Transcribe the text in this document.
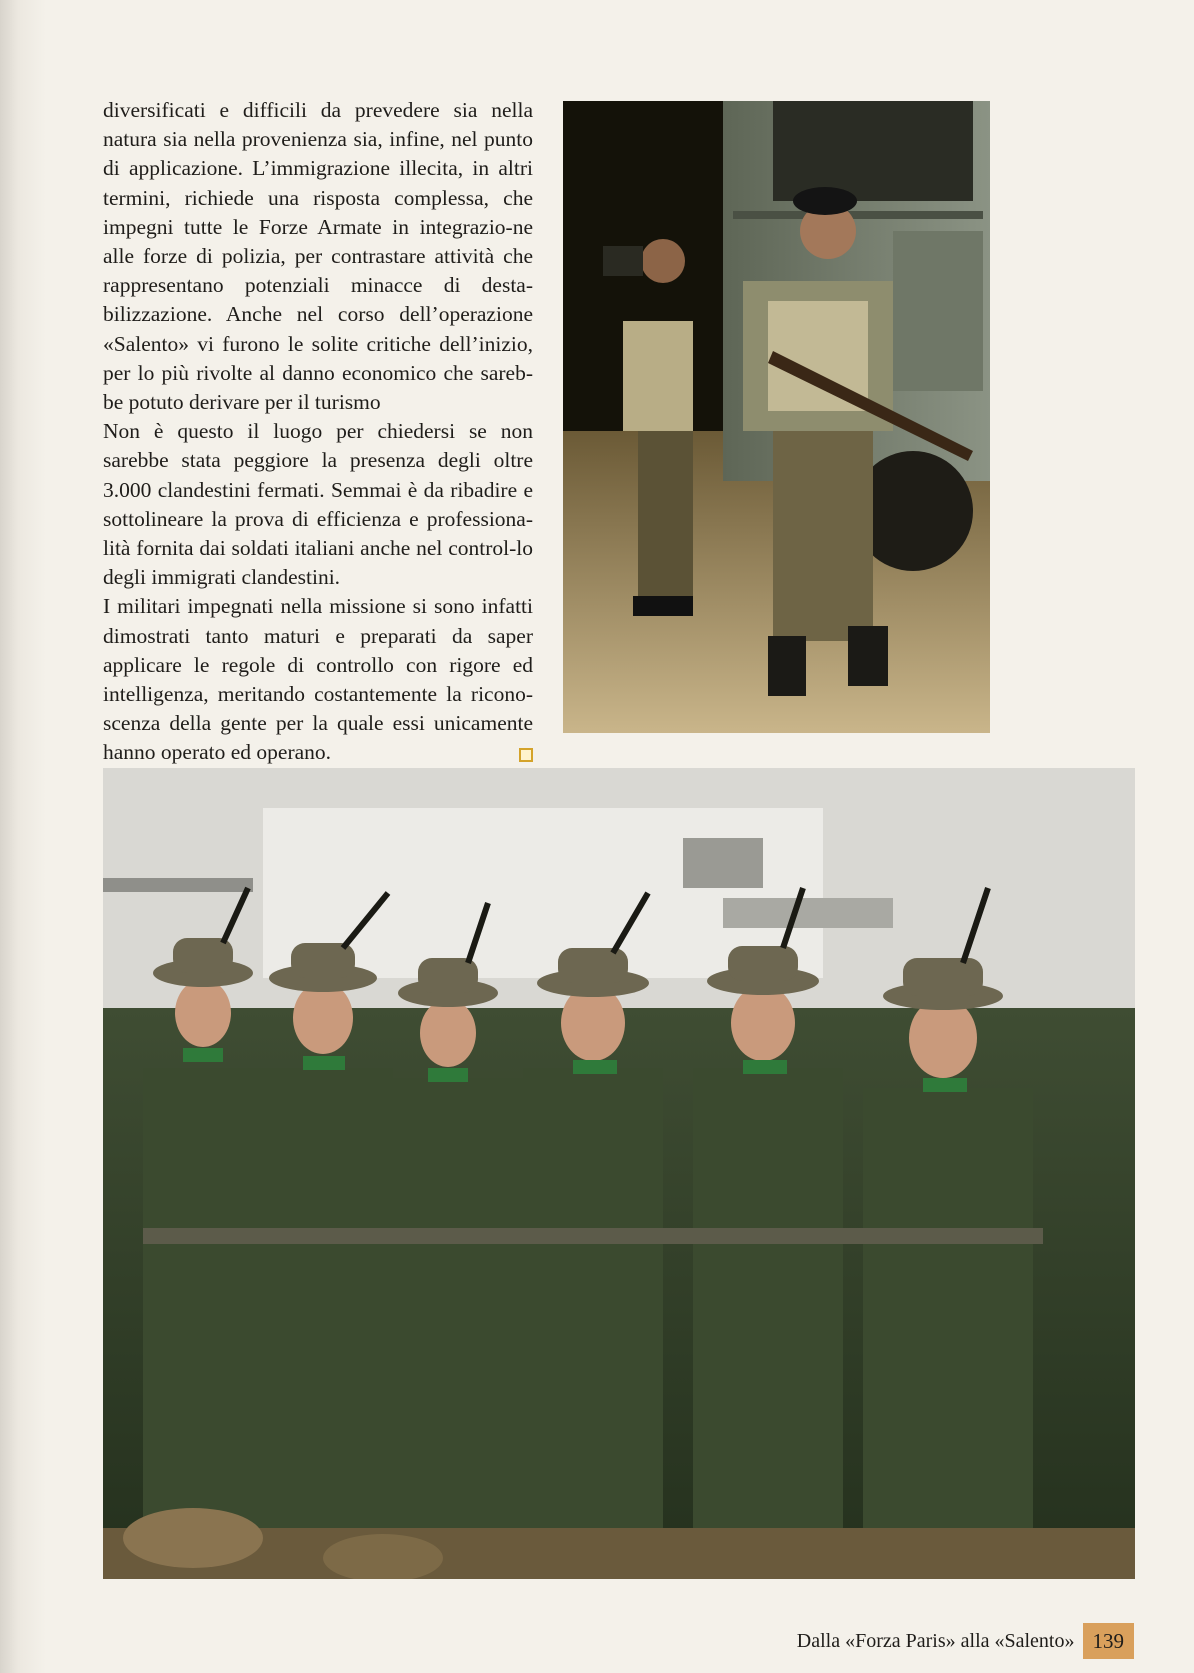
diversificati e difficili da prevedere sia nella natura sia nella provenienza sia, infine, nel punto di applicazione. L’immigrazione illecita, in altri termini, richiede una risposta complessa, che impegni tutte le Forze Armate in integrazio-ne alle forze di polizia, per contrastare attività che rappresentano potenziali minacce di desta-bilizzazione. Anche nel corso dell’operazione «Salento» vi furono le solite critiche dell’inizio, per lo più rivolte al danno economico che sareb-be potuto derivare per il turismo

Non è questo il luogo per chiedersi se non sarebbe stata peggiore la presenza degli oltre 3.000 clandestini fermati. Semmai è da ribadire e sottolineare la prova di efficienza e professiona-lità fornita dai soldati italiani anche nel control-lo degli immigrati clandestini.

I militari impegnati nella missione si sono infatti dimostrati tanto maturi e preparati da saper applicare le regole di controllo con rigore ed intelligenza, meritando costantemente la ricono-scenza della gente per la quale essi unicamente hanno operato ed operano.

Dalla «Forza Paris» alla «Salento» 139
